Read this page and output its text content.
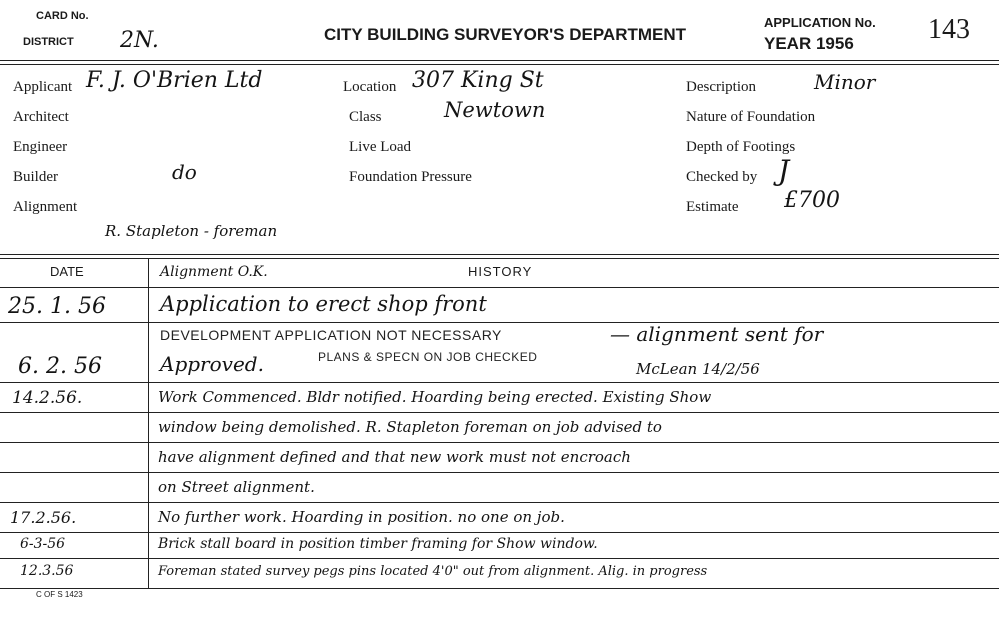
CARD No.
DISTRICT 2N.	CITY BUILDING SURVEYOR'S DEPARTMENT
APPLICATION No. 143
YEAR 1956
Applicant F. J. O'Brien Ltd	Location 307 King St	Description	Minor
Architect	Class	Newtown	Nature of Foundation
Engineer	Live Load	Depth of Footings
Builder	do	Foundation Pressure	Checked by J
Alignment	Estimate £700
R. Stapleton - foreman
DATE	Alignment O.K.	HISTORY
25. 1. 56	Application to erect shop front
DEVELOPMENT APPLICATION NOT NECESSARY	— alignment sent for
6. 2. 56	Approved.	PLANS & SPECN ON JOB CHECKED
McLean 14/2/56
14.2.56.	Work Commenced. Bldr notified. Hoarding being erected. Existing Show
window being demolished. R. Stapleton foreman on job advised to
have alignment defined and that new work must not encroach
on Street alignment.
17.2.56.	No further work. Hoarding in position. no one on job.
6-3-56	Brick stall board in position timber framing for Show window.
12.3.56	Foreman stated survey pegs pins located 4'0" out from alignment. Alig. in progress
C OF S 1423
